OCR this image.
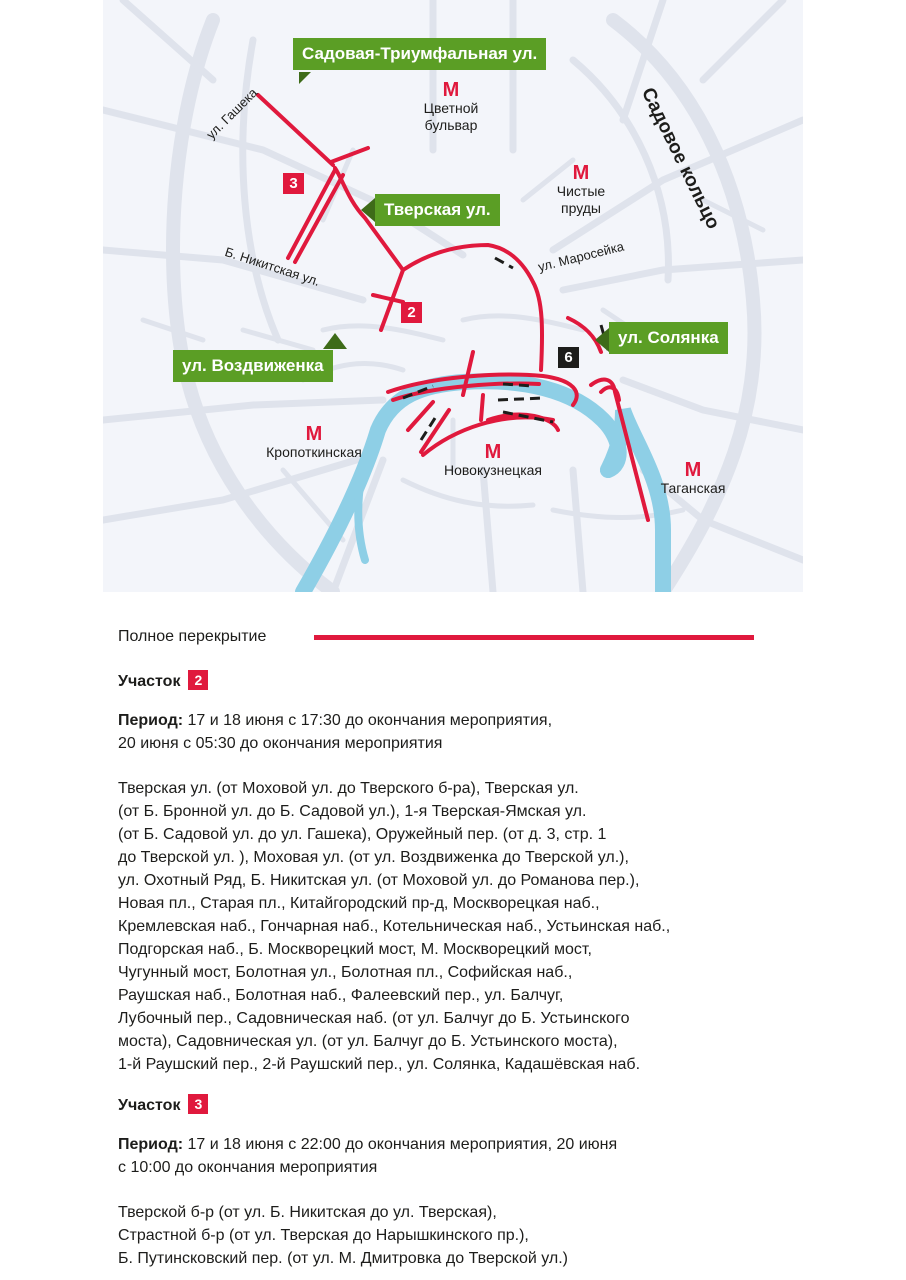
Садовая-Триумфальная ул.
Тверская ул.
ул. Воздвиженка
ул. Солянка
ул. Гашека
Б. Никитская ул.	ул. Маросейка
Садовое кольцо
М
Цветной
бульвар
М
Чистые
пруды
М
Кропоткинская	М
Новокузнецкая	М
Таганская
3
2
6
Полное перекрытие
Участок 2

Период: 17 и 18 июня с 17:30 до окончания мероприятия,

20 июня с 05:30 до окончания мероприятия

Тверская ул. (от Моховой ул. до Тверского б-ра), Тверская ул.

(от Б. Бронной ул. до Б. Садовой ул.), 1-я Тверская-Ямская ул.

(от Б. Садовой ул. до ул. Гашека), Оружейный пер. (от д. 3, стр. 1

до Тверской ул. ), Моховая ул. (от ул. Воздвиженка до Тверской ул.),

ул. Охотный Ряд, Б. Никитская ул. (от Моховой ул. до Романова пер.),

Новая пл., Старая пл., Китайгородский пр-д, Москворецкая наб.,

Кремлевская наб., Гончарная наб., Котельническая наб., Устьинская наб.,

Подгорская наб., Б. Москворецкий мост, М. Москворецкий мост,

Чугунный мост, Болотная ул., Болотная пл., Софийская наб.,

Раушская наб., Болотная наб., Фалеевский пер., ул. Балчуг,

Лубочный пер., Садовническая наб. (от ул. Балчуг до Б. Устьинского

моста), Садовническая ул. (от ул. Балчуг до Б. Устьинского моста),

1-й Раушский пер., 2-й Раушский пер., ул. Солянка, Кадашёвская наб.

Участок 3

Период: 17 и 18 июня с 22:00 до окончания мероприятия, 20 июня

с 10:00 до окончания мероприятия

Тверской б-р (от ул. Б. Никитская до ул. Тверская),

Страстной б-р (от ул. Тверская до Нарышкинского пр.),

Б. Путинсковский пер. (от ул. М. Дмитровка до Тверской ул.)
